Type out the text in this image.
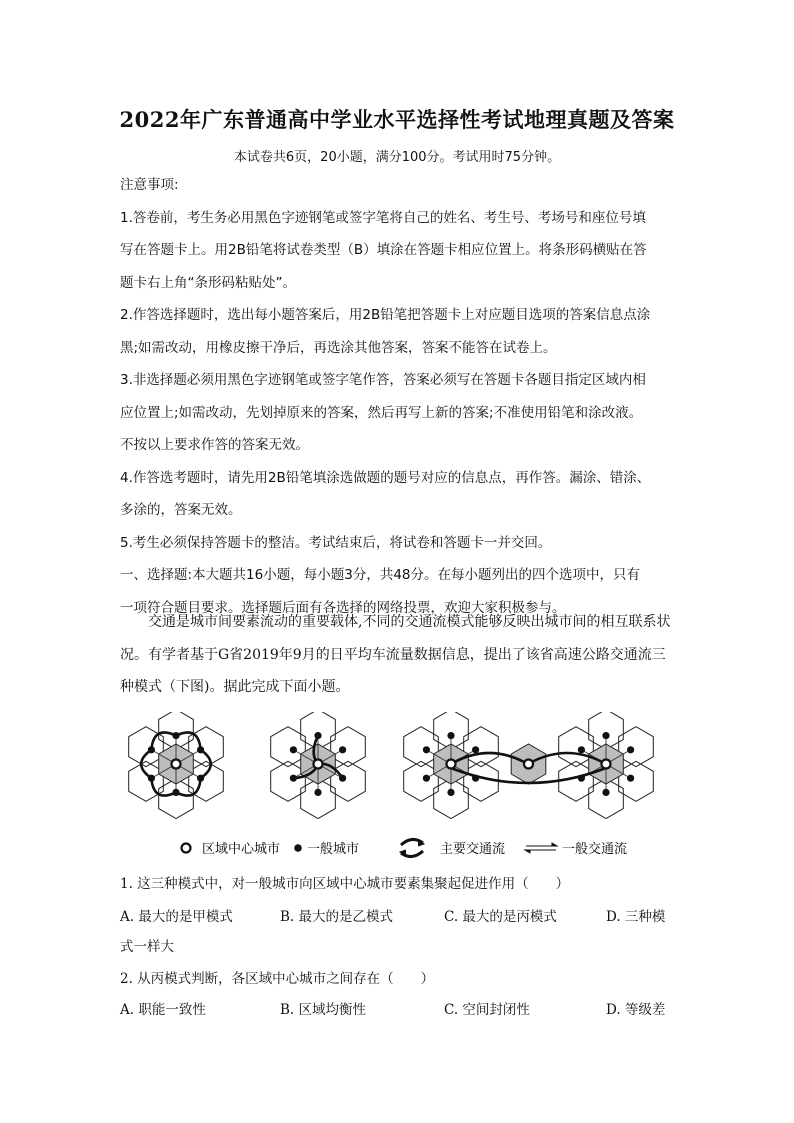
2022年广东普通高中学业水平选择性考试地理真题及答案
本试卷共6页，20小题，满分100分。考试用时75分钟。

注意事项:

1.答卷前，考生务必用黑色字迹钢笔或签字笔将自己的姓名、考生号、考场号和座位号填

写在答题卡上。用2B铅笔将试卷类型（B）填涂在答题卡相应位置上。将条形码横贴在答

题卡右上角“条形码粘贴处”。

2.作答选择题时，选出每小题答案后，用2B铅笔把答题卡上对应题目选项的答案信息点涂

黑;如需改动，用橡皮擦干净后，再选涂其他答案，答案不能答在试卷上。

3.非选择题必须用黑色字迹钢笔或签字笔作答，答案必须写在答题卡各题目指定区域内相

应位置上;如需改动，先划掉原来的答案，然后再写上新的答案;不准使用铅笔和涂改液。

不按以上要求作答的答案无效。

4.作答选考题时，请先用2B铅笔填涂选做题的题号对应的信息点，再作答。漏涂、错涂、

多涂的，答案无效。

5.考生必须保持答题卡的整洁。考试结束后，将试卷和答题卡一并交回。

一、选择题:本大题共16小题，每小题3分，共48分。在每小题列出的四个选项中，只有

一项符合题目要求。选择题后面有各选择的网络投票，欢迎大家积极参与。

交通是城市间要素流动的重要载体,不同的交通流模式能够反映出城市间的相互联系状况。有学者基于G省2019年9月的日平均车流量数据信息，提出了该省高速公路交通流三种模式（下图)。据此完成下面小题。

区域中心城市 一般城市	主要交通流	一般交通流
1. 这三种模式中，对一般城市向区域中心城市要素集聚起促进作用（　　）
A. 最大的是甲模式	B. 最大的是乙模式	C. 最大的是丙模式	D. 三种模
式一样大
2. 从丙模式判断，各区域中心城市之间存在（　　）
A. 职能一致性	B. 区域均衡性	C. 空间封闭性	D. 等级差
